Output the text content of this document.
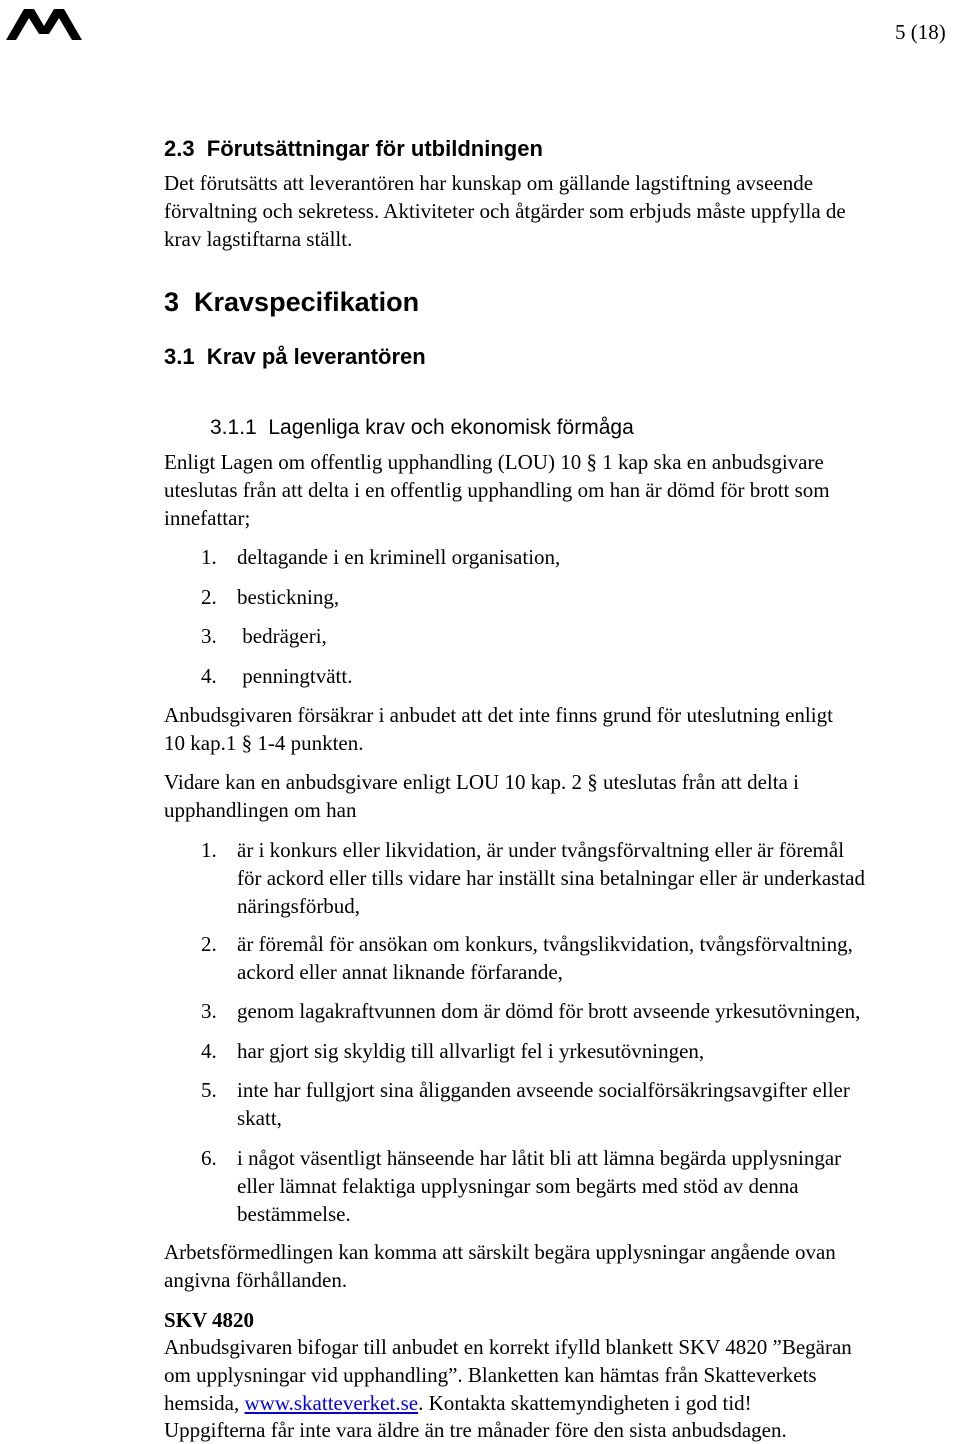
5 (18)
2.3  Förutsättningar för utbildningen
Det förutsätts att leverantören har kunskap om gällande lagstiftning avseende
förvaltning och sekretess. Aktiviteter och åtgärder som erbjuds måste uppfylla de
krav lagstiftarna ställt.
3  Kravspecifikation
3.1  Krav på leverantören
3.1.1  Lagenliga krav och ekonomisk förmåga
Enligt Lagen om offentlig upphandling (LOU) 10 § 1 kap ska en anbudsgivare
uteslutas från att delta i en offentlig upphandling om han är dömd för brott som
innefattar;
1. deltagande i en kriminell organisation,
2. bestickning,
3. bedrägeri,
4. penningtvätt.
Anbudsgivaren försäkrar i anbudet att det inte finns grund för uteslutning enligt
10 kap.1 § 1-4 punkten.
Vidare kan en anbudsgivare enligt LOU 10 kap. 2 § uteslutas från att delta i
upphandlingen om han
1. är i konkurs eller likvidation, är under tvångsförvaltning eller är föremål
för ackord eller tills vidare har inställt sina betalningar eller är underkastad
näringsförbud,
2. är föremål för ansökan om konkurs, tvångslikvidation, tvångsförvaltning,
ackord eller annat liknande förfarande,
3. genom lagakraftvunnen dom är dömd för brott avseende yrkesutövningen,
4. har gjort sig skyldig till allvarligt fel i yrkesutövningen,
5. inte har fullgjort sina åligganden avseende socialförsäkringsavgifter eller
skatt,
6. i något väsentligt hänseende har låtit bli att lämna begärda upplysningar
eller lämnat felaktiga upplysningar som begärts med stöd av denna
bestämmelse.
Arbetsförmedlingen kan komma att särskilt begära upplysningar angående ovan
angivna förhållanden.
SKV 4820
Anbudsgivaren bifogar till anbudet en korrekt ifylld blankett SKV 4820 ”Begäran
om upplysningar vid upphandling”. Blanketten kan hämtas från Skatteverkets
hemsida, www.skatteverket.se. Kontakta skattemyndigheten i god tid!
Uppgifterna får inte vara äldre än tre månader före den sista anbudsdagen.
